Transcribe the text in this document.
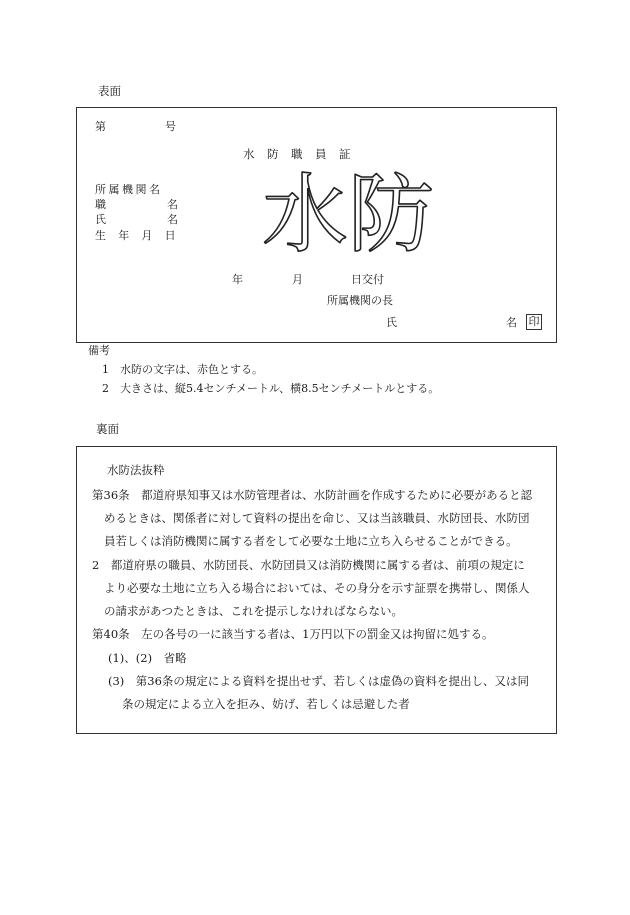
表面
第	号
水　防　職　員　証
所属機関名
職	名
氏	名
生　年　月　日
年	月	日交付
所属機関の長
氏	名 印
水防
備考
1　水防の文字は、赤色とする。
2　大きさは、縦5.4センチメートル、横8.5センチメートルとする。
裏面
水防法抜粋
第36条　都道府県知事又は水防管理者は、水防計画を作成するために必要があると認
めるときは、関係者に対して資料の提出を命じ、又は当該職員、水防団長、水防団
員若しくは消防機関に属する者をして必要な土地に立ち入らせることができる。
2　都道府県の職員、水防団長、水防団員又は消防機関に属する者は、前項の規定に
より必要な土地に立ち入る場合においては、その身分を示す証票を携帯し、関係人
の請求があつたときは、これを提示しなければならない。
第40条　左の各号の一に該当する者は、1万円以下の罰金又は拘留に処する。
(1)、(2)　省略
(3)　第36条の規定による資料を提出せず、若しくは虚偽の資料を提出し、又は同
条の規定による立入を拒み、妨げ、若しくは忌避した者
